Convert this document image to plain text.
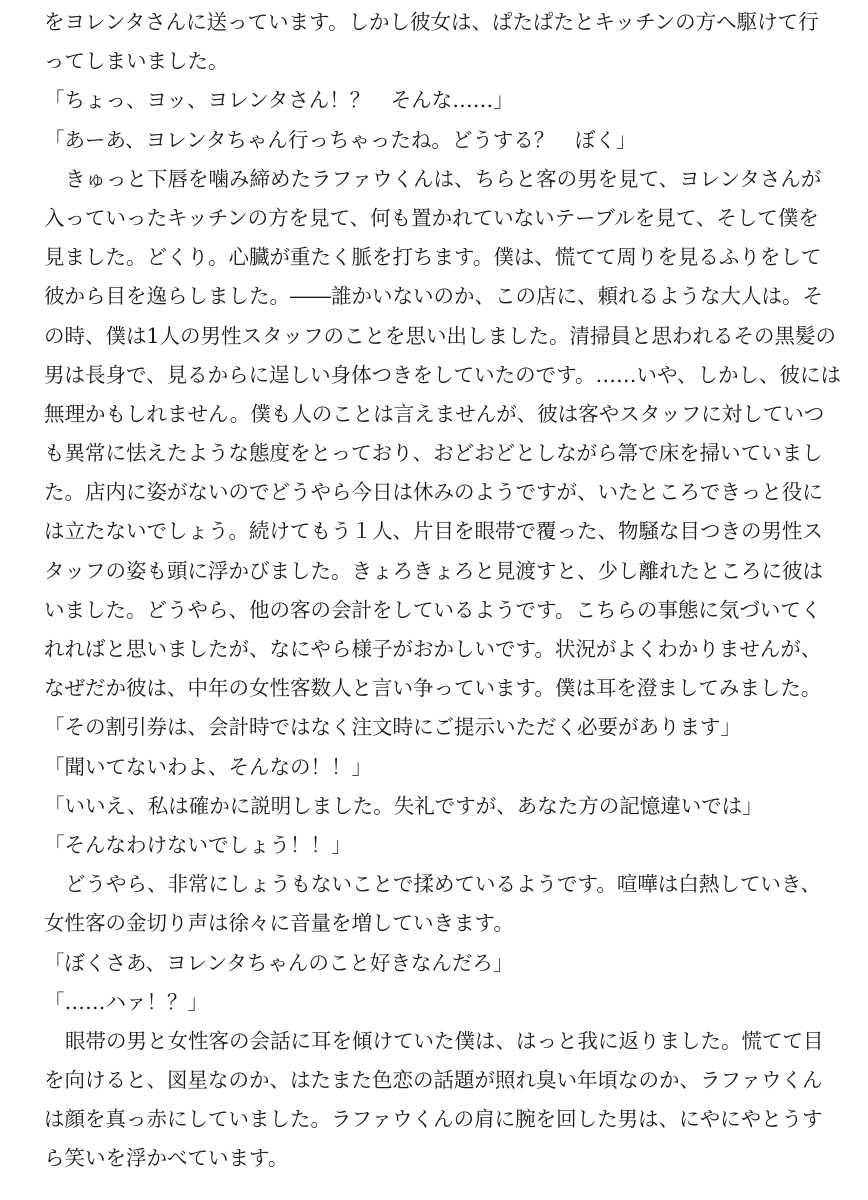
をヨレンタさんに送っています。しかし彼女は、ぱたぱたとキッチンの方へ駆けて行
ってしまいました。
「ちょっ、ヨッ、ヨレンタさん！？　そんな……」
「あーあ、ヨレンタちゃん行っちゃったね。どうする？　ぼく」
きゅっと下唇を噛み締めたラファウくんは、ちらと客の男を見て、ヨレンタさんが
入っていったキッチンの方を見て、何も置かれていないテーブルを見て、そして僕を
見ました。どくり。心臓が重たく脈を打ちます。僕は、慌てて周りを見るふりをして
彼から目を逸らしました。――誰かいないのか、この店に、頼れるような大人は。そ
の時、僕は1人の男性スタッフのことを思い出しました。清掃員と思われるその黒髪の
男は長身で、見るからに逞しい身体つきをしていたのです。……いや、しかし、彼には
無理かもしれません。僕も人のことは言えませんが、彼は客やスタッフに対していつ
も異常に怯えたような態度をとっており、おどおどとしながら箒で床を掃いていまし
た。店内に姿がないのでどうやら今日は休みのようですが、いたところできっと役に
は立たないでしょう。続けてもう１人、片目を眼帯で覆った、物騒な目つきの男性ス
タッフの姿も頭に浮かびました。きょろきょろと見渡すと、少し離れたところに彼は
いました。どうやら、他の客の会計をしているようです。こちらの事態に気づいてく
れればと思いましたが、なにやら様子がおかしいです。状況がよくわかりませんが、
なぜだか彼は、中年の女性客数人と言い争っています。僕は耳を澄ましてみました。
「その割引券は、会計時ではなく注文時にご提示いただく必要があります」
「聞いてないわよ、そんなの！！」
「いいえ、私は確かに説明しました。失礼ですが、あなた方の記憶違いでは」
「そんなわけないでしょう！！」
どうやら、非常にしょうもないことで揉めているようです。喧嘩は白熱していき、
女性客の金切り声は徐々に音量を増していきます。
「ぼくさあ、ヨレンタちゃんのこと好きなんだろ」
「……ハァ！？」
眼帯の男と女性客の会話に耳を傾けていた僕は、はっと我に返りました。慌てて目
を向けると、図星なのか、はたまた色恋の話題が照れ臭い年頃なのか、ラファウくん
は顔を真っ赤にしていました。ラファウくんの肩に腕を回した男は、にやにやとうす
ら笑いを浮かべています。
